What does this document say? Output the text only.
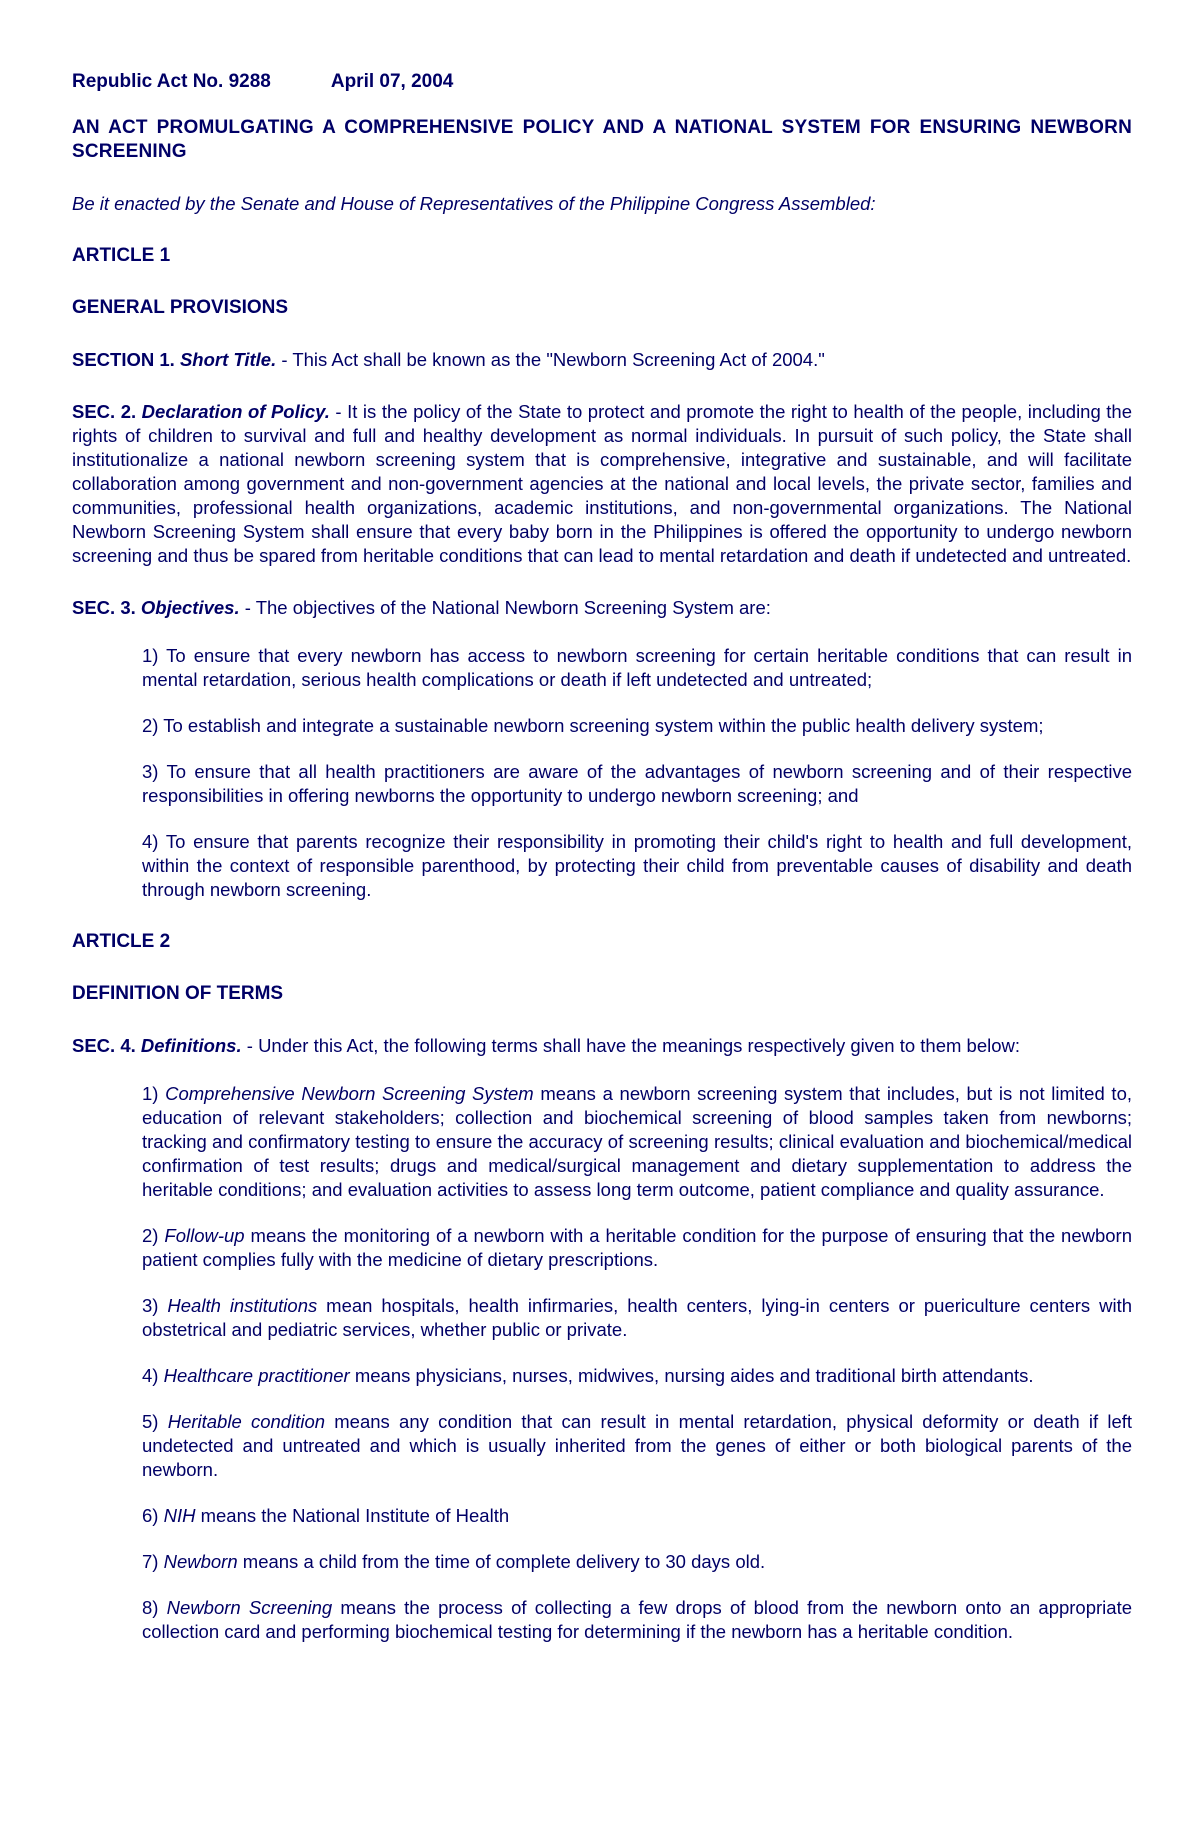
Republic Act No. 9288	April 07, 2004

AN ACT PROMULGATING A COMPREHENSIVE POLICY AND A NATIONAL SYSTEM FOR ENSURING NEWBORN SCREENING

Be it enacted by the Senate and House of Representatives of the Philippine Congress Assembled:

ARTICLE 1

GENERAL PROVISIONS

SECTION 1. Short Title. - This Act shall be known as the "Newborn Screening Act of 2004."

SEC. 2. Declaration of Policy. - It is the policy of the State to protect and promote the right to health of the people, including the rights of children to survival and full and healthy development as normal individuals. In pursuit of such policy, the State shall institutionalize a national newborn screening system that is comprehensive, integrative and sustainable, and will facilitate collaboration among government and non-government agencies at the national and local levels, the private sector, families and communities, professional health organizations, academic institutions, and non-governmental organizations. The National Newborn Screening System shall ensure that every baby born in the Philippines is offered the opportunity to undergo newborn screening and thus be spared from heritable conditions that can lead to mental retardation and death if undetected and untreated.

SEC. 3. Objectives. - The objectives of the National Newborn Screening System are:

1) To ensure that every newborn has access to newborn screening for certain heritable conditions that can result in mental retardation, serious health complications or death if left undetected and untreated;

2) To establish and integrate a sustainable newborn screening system within the public health delivery system;

3) To ensure that all health practitioners are aware of the advantages of newborn screening and of their respective responsibilities in offering newborns the opportunity to undergo newborn screening; and

4) To ensure that parents recognize their responsibility in promoting their child's right to health and full development, within the context of responsible parenthood, by protecting their child from preventable causes of disability and death through newborn screening.

ARTICLE 2

DEFINITION OF TERMS

SEC. 4. Definitions. - Under this Act, the following terms shall have the meanings respectively given to them below:

1) Comprehensive Newborn Screening System means a newborn screening system that includes, but is not limited to, education of relevant stakeholders; collection and biochemical screening of blood samples taken from newborns; tracking and confirmatory testing to ensure the accuracy of screening results; clinical evaluation and biochemical/medical confirmation of test results; drugs and medical/surgical management and dietary supplementation to address the heritable conditions; and evaluation activities to assess long term outcome, patient compliance and quality assurance.

2) Follow-up means the monitoring of a newborn with a heritable condition for the purpose of ensuring that the newborn patient complies fully with the medicine of dietary prescriptions.

3) Health institutions mean hospitals, health infirmaries, health centers, lying-in centers or puericulture centers with obstetrical and pediatric services, whether public or private.

4) Healthcare practitioner means physicians, nurses, midwives, nursing aides and traditional birth attendants.

5) Heritable condition means any condition that can result in mental retardation, physical deformity or death if left undetected and untreated and which is usually inherited from the genes of either or both biological parents of the newborn.

6) NIH means the National Institute of Health

7) Newborn means a child from the time of complete delivery to 30 days old.

8) Newborn Screening means the process of collecting a few drops of blood from the newborn onto an appropriate collection card and performing biochemical testing for determining if the newborn has a heritable condition.
